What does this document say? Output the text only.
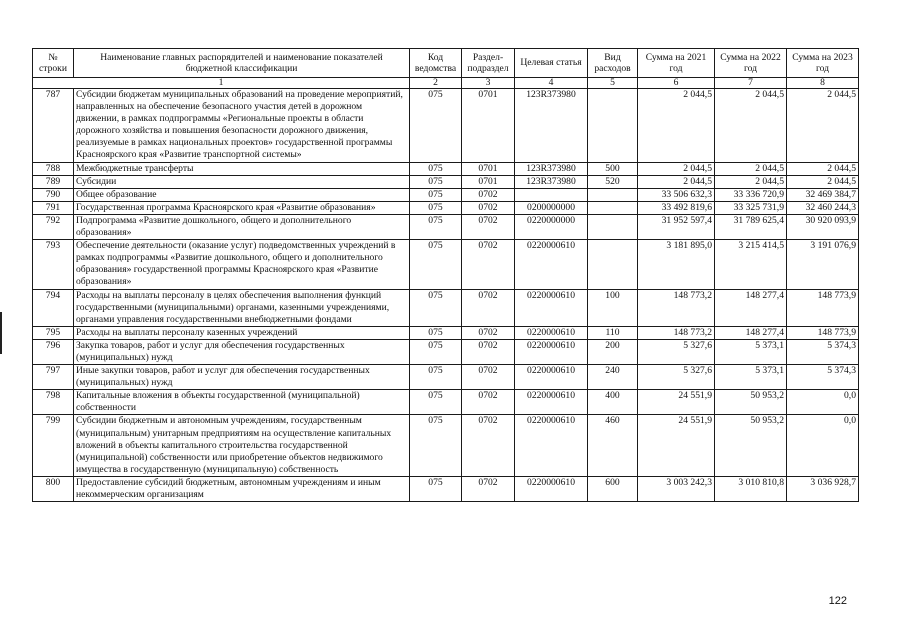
№ строки	Наименование главных распорядителей и наименование показателей бюджетной классификации	Код ведомства	Раздел-подраздел	Целевая статья	Вид расходов	Сумма на 2021 год	Сумма на 2022 год	Сумма на 2023 год
1		2	3	4	5	6	7	8
787	Субсидии бюджетам муниципальных образований на проведение мероприятий, направленных на обеспечение безопасного участия детей в дорожном движении, в рамках подпрограммы «Региональные проекты в области дорожного хозяйства и повышения безопасности дорожного движения, реализуемые в рамках национальных проектов» государственной программы Красноярского края «Развитие транспортной системы»	075	0701	123R373980		2 044,5	2 044,5	2 044,5
788	Межбюджетные трансферты	075	0701	123R373980	500	2 044,5	2 044,5	2 044,5
789	Субсидии	075	0701	123R373980	520	2 044,5	2 044,5	2 044,5
790	Общее образование	075	0702			33 506 632,3	33 336 720,9	32 469 384,7
791	Государственная программа Красноярского края «Развитие образования»	075	0702	0200000000		33 492 819,6	33 325 731,9	32 460 244,3
792	Подпрограмма «Развитие дошкольного, общего и дополнительного образования»	075	0702	0220000000		31 952 597,4	31 789 625,4	30 920 093,9
793	Обеспечение деятельности (оказание услуг) подведомственных учреждений в рамках подпрограммы «Развитие дошкольного, общего и дополнительного образования» государственной программы Красноярского края «Развитие образования»	075	0702	0220000610		3 181 895,0	3 215 414,5	3 191 076,9
794	Расходы на выплаты персоналу в целях обеспечения выполнения функций государственными (муниципальными) органами, казенными учреждениями, органами управления государственными внебюджетными фондами	075	0702	0220000610	100	148 773,2	148 277,4	148 773,9
795	Расходы на выплаты персоналу казенных учреждений	075	0702	0220000610	110	148 773,2	148 277,4	148 773,9
796	Закупка товаров, работ и услуг для обеспечения государственных (муниципальных) нужд	075	0702	0220000610	200	5 327,6	5 373,1	5 374,3
797	Иные закупки товаров, работ и услуг для обеспечения государственных (муниципальных) нужд	075	0702	0220000610	240	5 327,6	5 373,1	5 374,3
798	Капитальные вложения в объекты государственной (муниципальной) собственности	075	0702	0220000610	400	24 551,9	50 953,2	0,0
799	Субсидии бюджетным и автономным учреждениям, государственным (муниципальным) унитарным предприятиям на осуществление капитальных вложений в объекты капитального строительства государственной (муниципальной) собственности или приобретение объектов недвижимого имущества в государственную (муниципальную) собственность	075	0702	0220000610	460	24 551,9	50 953,2	0,0
800	Предоставление субсидий бюджетным, автономным учреждениям и иным некоммерческим организациям	075	0702	0220000610	600	3 003 242,3	3 010 810,8	3 036 928,7
122
